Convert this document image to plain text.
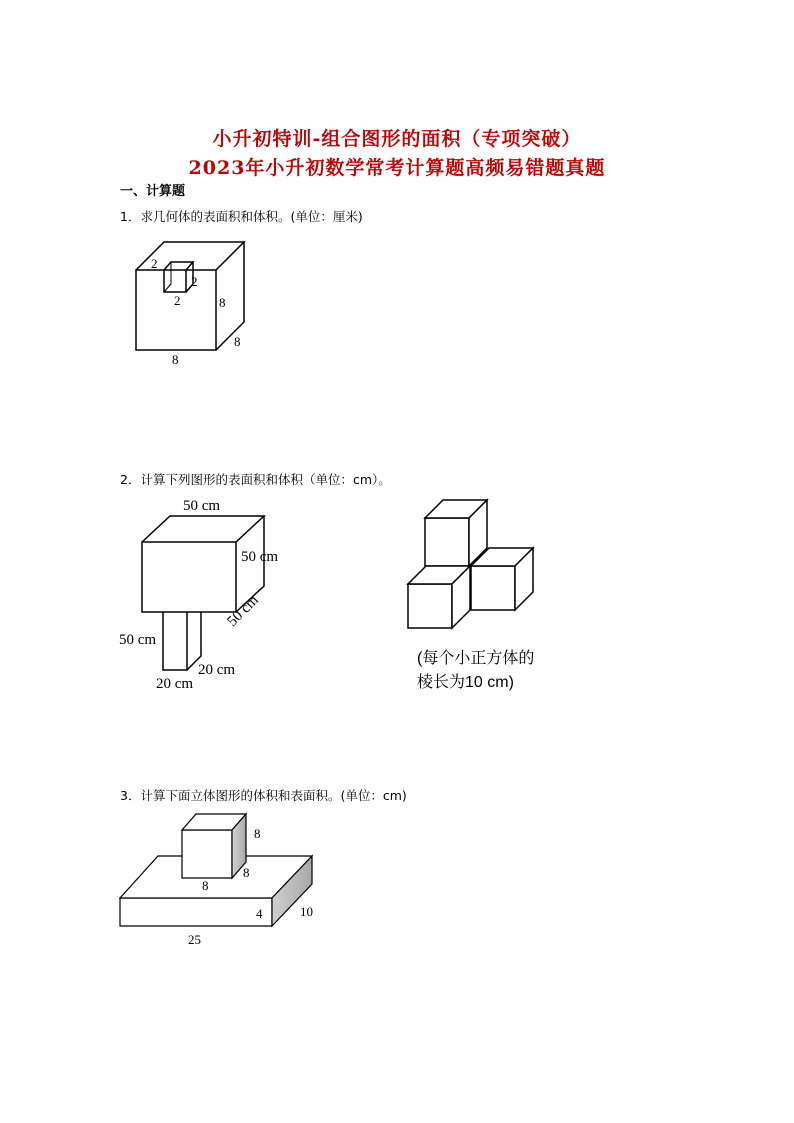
小升初特训-组合图形的面积（专项突破）
2023年小升初数学常考计算题高频易错题真题
一、计算题
1．求几何体的表面积和体积。(单位：厘米)
2
2
2	8
8
8
2．计算下列图形的表面积和体积（单位：cm）。
50 cm
50 cm
50 cm
50 cm
20 cm
20 cm
(每个小正方体的
棱长为10 cm)
3．计算下面立体图形的体积和表面积。(单位：cm)
8
8
8
4	10
25
